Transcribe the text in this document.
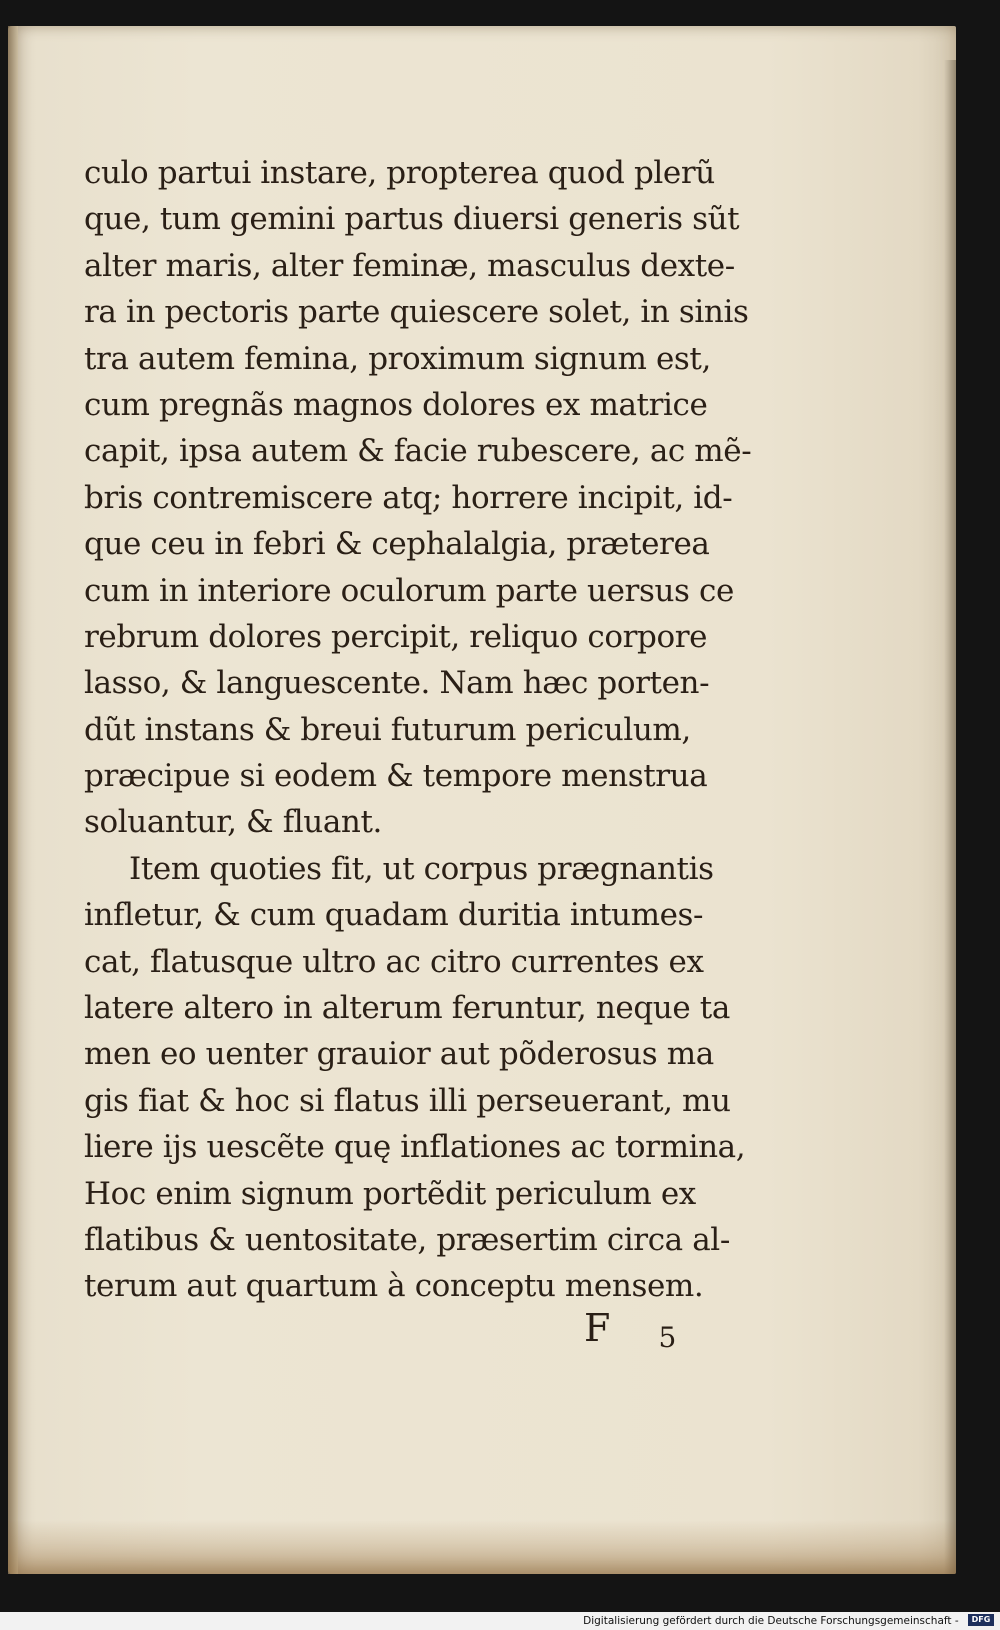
culo partui instare, propterea quod plerũ
que, tum gemini partus diuersi generis sũt
alter maris, alter feminæ, masculus dexte-
ra in pectoris parte quiescere solet, in sinis
tra autem femina, proximum signum est,
cum pregnãs magnos dolores ex matrice
capit, ipsa autem & facie rubescere, ac mẽ-
bris contremiscere atq; horrere incipit, id-
que ceu in febri & cephalalgia, præterea
cum in interiore oculorum parte uersus ce
rebrum dolores percipit, reliquo corpore
lasso, & languescente. Nam hæc porten-
dũt instans & breui futurum periculum,
præcipue si eodem & tempore menstrua
soluantur, & fluant.
Item quoties fit, ut corpus prægnantis
infletur, & cum quadam duritia intumes-
cat, flatusque ultro ac citro currentes ex
latere altero in alterum feruntur, neque ta
men eo uenter grauior aut põderosus ma
gis fiat & hoc si flatus illi perseuerant, mu
liere ijs uescẽte quę inflationes ac tormina,
Hoc enim signum portẽdit periculum ex
flatibus & uentositate, præsertim circa al-
terum aut quartum à conceptu mensem.
F 5
Digitalisierung gefördert durch die Deutsche Forschungsgemeinschaft - DFG
